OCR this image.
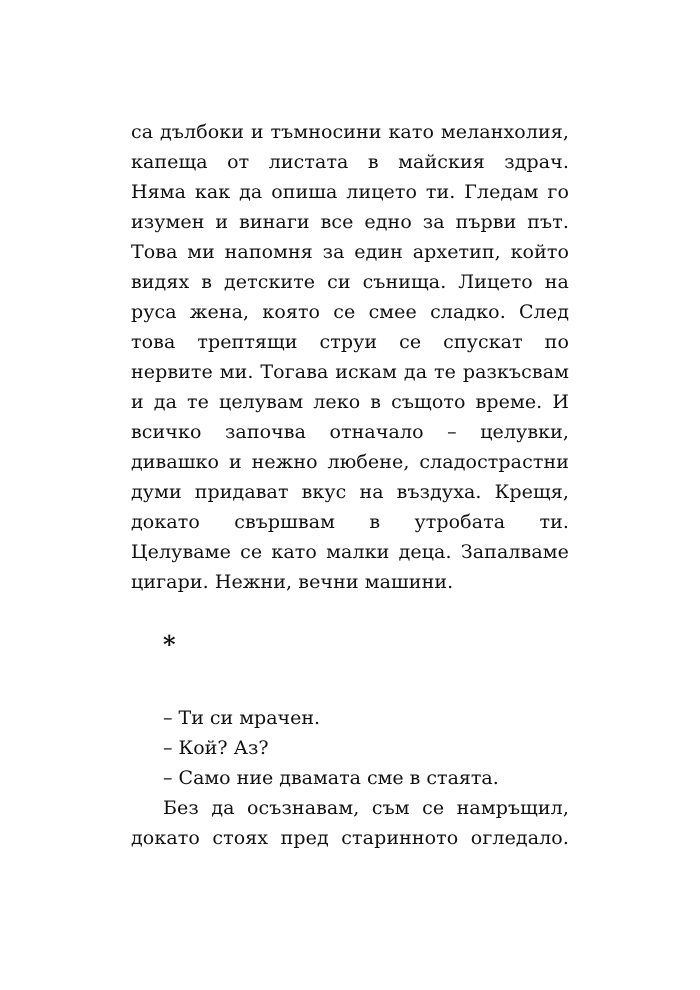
са дълбоки и тъмносини като меланхолия,
капеща от листата в майския здрач.
Няма как да опиша лицето ти. Гледам го
изумен и винаги все едно за първи път.
Това ми напомня за един архетип, който
видях в детските си сънища. Лицето на
руса жена, която се смее сладко. След
това трептящи струи се спускат по
нервите ми. Тогава искам да те разкъсвам
и да те целувам леко в същото време. И
всичко започва отначало – целувки,
дивашко и нежно любене, сладострастни
думи придават вкус на въздуха. Крещя,
докато свършвам в утробата ти.
Целуваме се като малки деца. Запалваме
цигари. Нежни, вечни машини.
*
– Ти си мрачен.
– Кой? Аз?
– Само ние двамата сме в стаята.
Без да осъзнавам, съм се намръщил,
докато стоях пред старинното огледало.
